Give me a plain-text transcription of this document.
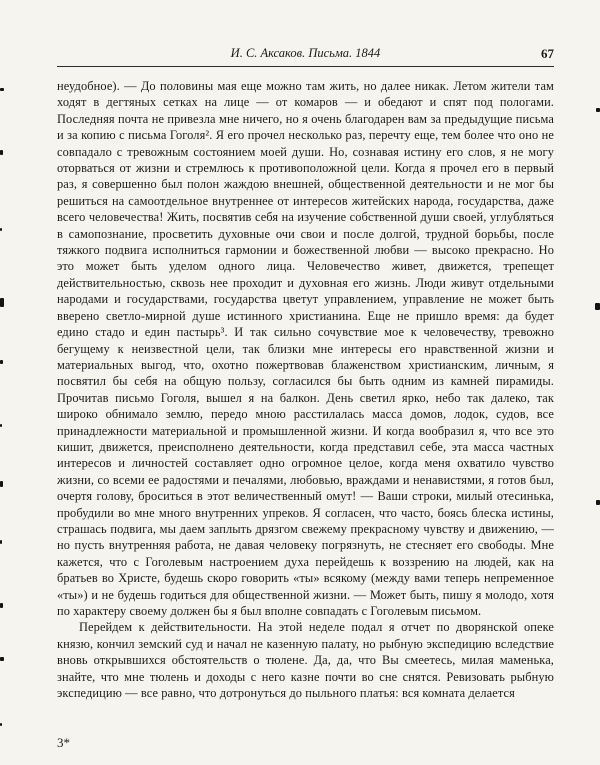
И. С. Аксаков. Письма. 1844	67

неудобное). — До половины мая еще можно там жить, но далее никак. Летом жители там ходят в дегтяных сетках на лице — от комаров — и обедают и спят под пологами. Последняя почта не привезла мне ничего, но я очень благодарен вам за предыдущие письма и за копию с письма Гоголя². Я его прочел несколько раз, перечту еще, тем более что оно не совпадало с тревожным состоянием моей души. Но, сознавая истину его слов, я не могу оторваться от жизни и стремлюсь к противоположной цели. Когда я прочел его в первый раз, я совершенно был полон жаждою внешней, общественной деятельности и не мог бы решиться на самоотдельное внутреннее от интересов житейских народа, государства, даже всего человечества! Жить, посвятив себя на изучение собственной души своей, углубляться в самопознание, просветить духовные очи свои и после долгой, трудной борьбы, после тяжкого подвига исполниться гармонии и божественной любви — высоко прекрасно. Но это может быть уделом одного лица. Человечество живет, движется, трепещет действительностью, сквозь нее проходит и духовная его жизнь. Люди живут отдельными народами и государствами, государства цветут управлением, управление не может быть вверено светло-мирной душе истинного христианина. Еще не пришло время: да будет едино стадо и един пастырь³. И так сильно сочувствие мое к человечеству, тревожно бегущему к неизвестной цели, так близки мне интересы его нравственной жизни и материальных выгод, что, охотно пожертвовав блаженством христианским, личным, я посвятил бы себя на общую пользу, согласился бы быть одним из камней пирамиды. Прочитав письмо Гоголя, вышел я на балкон. День светил ярко, небо так далеко, так широко обнимало землю, передо мною расстилалась масса домов, лодок, судов, все принадлежности материальной и промышленной жизни. И когда вообразил я, что все это кишит, движется, преисполнено деятельности, когда представил себе, эта масса частных интересов и личностей составляет одно огромное целое, когда меня охватило чувство жизни, со всеми ее радостями и печалями, любовью, враждами и ненавистями, я готов был, очертя голову, броситься в этот величественный омут! — Ваши строки, милый отесинька, пробудили во мне много внутренних упреков. Я согласен, что часто, боясь блеска истины, страшась подвига, мы даем заплыть дрязгом свежему прекрасному чувству и движению, — но пусть внутренняя работа, не давая человеку погрязнуть, не стесняет его свободы. Мне кажется, что с Гоголевым настроением духа перейдешь к воззрению на людей, как на братьев во Христе, будешь скоро говорить «ты» всякому (между вами теперь непременное «ты») и не будешь годиться для общественной жизни. — Может быть, пишу я молодо, хотя по характеру своему должен бы я был вполне совпадать с Гоголевым письмом.

Перейдем к действительности. На этой неделе подал я отчет по дворянской опеке князю, кончил земский суд и начал не казенную палату, но рыбную экспедицию вследствие вновь открывшихся обстоятельств о тюлене. Да, да, что Вы смеетесь, милая маменька, знайте, что мне тюлень и доходы с него казне почти во сне снятся. Ревизовать рыбную экспедицию — все равно, что дотронуться до пыльного платья: вся комната делается

3*
